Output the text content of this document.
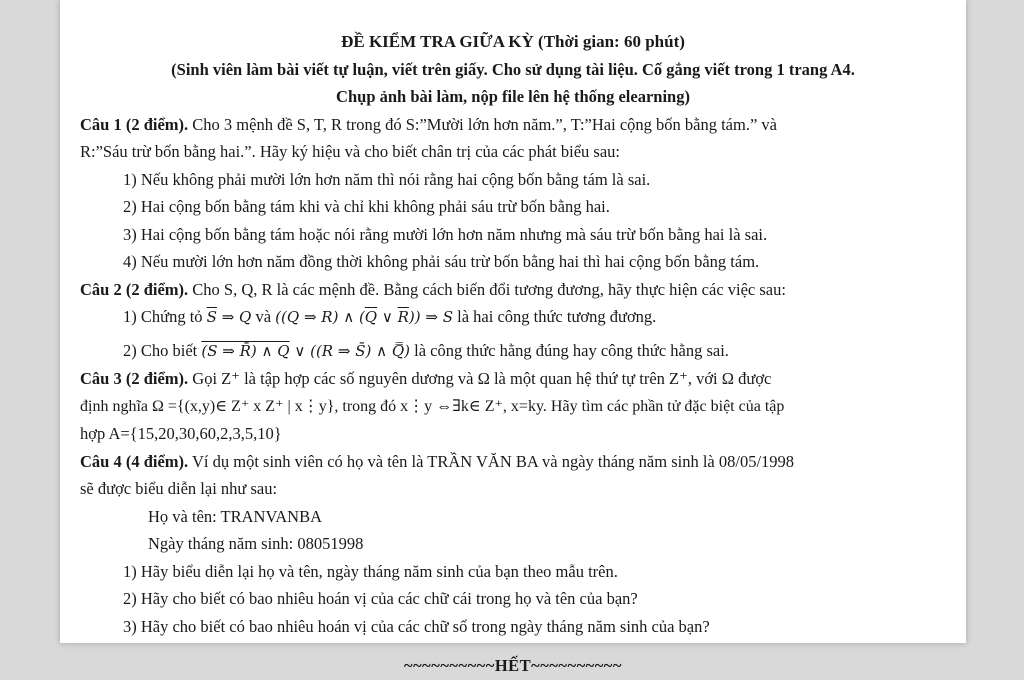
ĐỀ KIỂM TRA GIỮA KỲ (Thời gian: 60 phút)
(Sinh viên làm bài viết tự luận, viết trên giấy. Cho sử dụng tài liệu. Cố gắng viết trong 1 trang A4.
Chụp ảnh bài làm, nộp file lên hệ thống elearning)
Câu 1 (2 điểm). Cho 3 mệnh đề S, T, R trong đó S:”Mười lớn hơn năm.”, T:”Hai cộng bốn bằng tám.” và
R:”Sáu trừ bốn bằng hai.”. Hãy ký hiệu và cho biết chân trị của các phát biểu sau:
1) Nếu không phải mười lớn hơn năm thì nói rằng hai cộng bốn bằng tám là sai.
2) Hai cộng bốn bằng tám khi và chỉ khi không phải sáu trừ bốn bằng hai.
3) Hai cộng bốn bằng tám hoặc nói rằng mười lớn hơn năm nhưng mà sáu trừ bốn bằng hai là sai.
4) Nếu mười lớn hơn năm đồng thời không phải sáu trừ bốn bằng hai thì hai cộng bốn bằng tám.
Câu 2 (2 điểm). Cho S, Q, R là các mệnh đề. Bằng cách biến đổi tương đương, hãy thực hiện các việc sau:
1) Chứng tỏ $\overline{S}$ ⇒ Q và ((Q ⇒ R) ∧ ($\overline{Q}$ ∨ $\overline{R}$)) ⇒ S là hai công thức tương đương.
2) Cho biết (S ⇒ R̄) ∧ Q ∨ ((R ⇒ S̄) ∧ Q̿) là công thức hằng đúng hay công thức hằng sai.
Câu 3 (2 điểm). Gọi Z⁺ là tập hợp các số nguyên dương và Ω là một quan hệ thứ tự trên Z⁺, với Ω được
định nghĩa Ω ={(x,y)∈ Z⁺ x Z⁺ | x⋮y}, trong đó x⋮y ⇔∃k∈ Z⁺, x=ky. Hãy tìm các phần tử đặc biệt của tập
hợp A={15,20,30,60,2,3,5,10}
Câu 4 (4 điểm). Ví dụ một sinh viên có họ và tên là TRẦN VĂN BA và ngày tháng năm sinh là 08/05/1998
sẽ được biểu diễn lại như sau:
Họ và tên: TRANVANBA
Ngày tháng năm sinh: 08051998
1) Hãy biểu diễn lại họ và tên, ngày tháng năm sinh của bạn theo mẫu trên.
2) Hãy cho biết có bao nhiêu hoán vị của các chữ cái trong họ và tên của bạn?
3) Hãy cho biết có bao nhiêu hoán vị của các chữ số trong ngày tháng năm sinh của bạn?
~~~~~~~~~~HẾT~~~~~~~~~~
